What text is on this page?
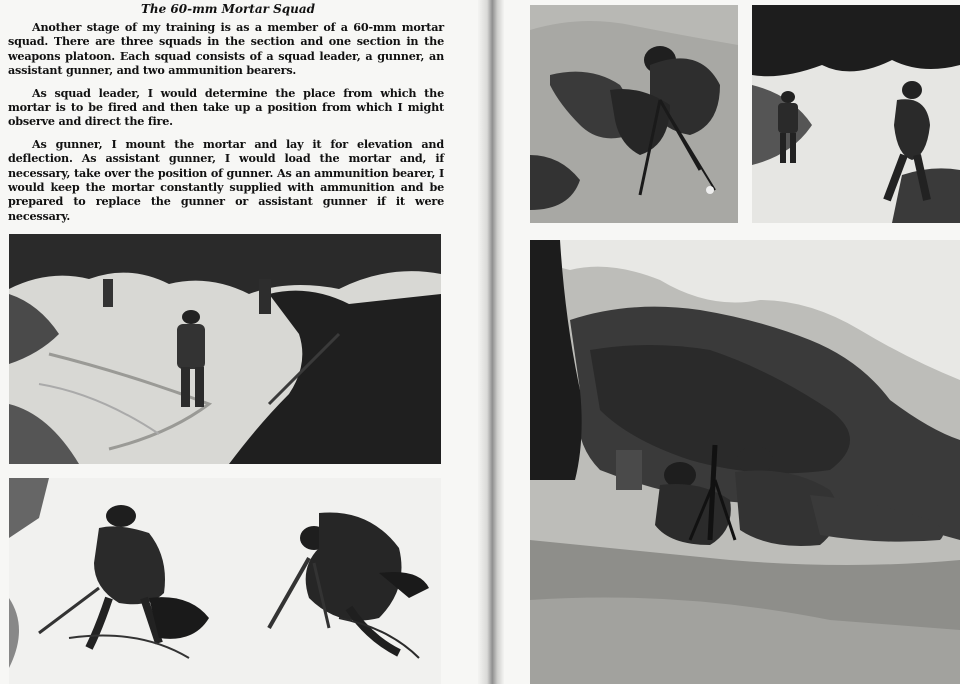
The 60-mm Mortar Squad

Another stage of my training is as a member of a 60-mm mortar squad. There are three squads in the section and one section in the weapons platoon. Each squad consists of a squad leader, a gunner, an assistant gunner, and two ammunition bearers.

As squad leader, I would determine the place from which the mortar is to be fired and then take up a position from which I might observe and direct the fire.

As gunner, I mount the mortar and lay it for elevation and deflection. As assistant gunner, I would load the mortar and, if necessary, take over the position of gunner. As an ammunition bearer, I would keep the mortar constantly supplied with ammunition and be prepared to replace the gunner or assistant gunner if it were necessary.
